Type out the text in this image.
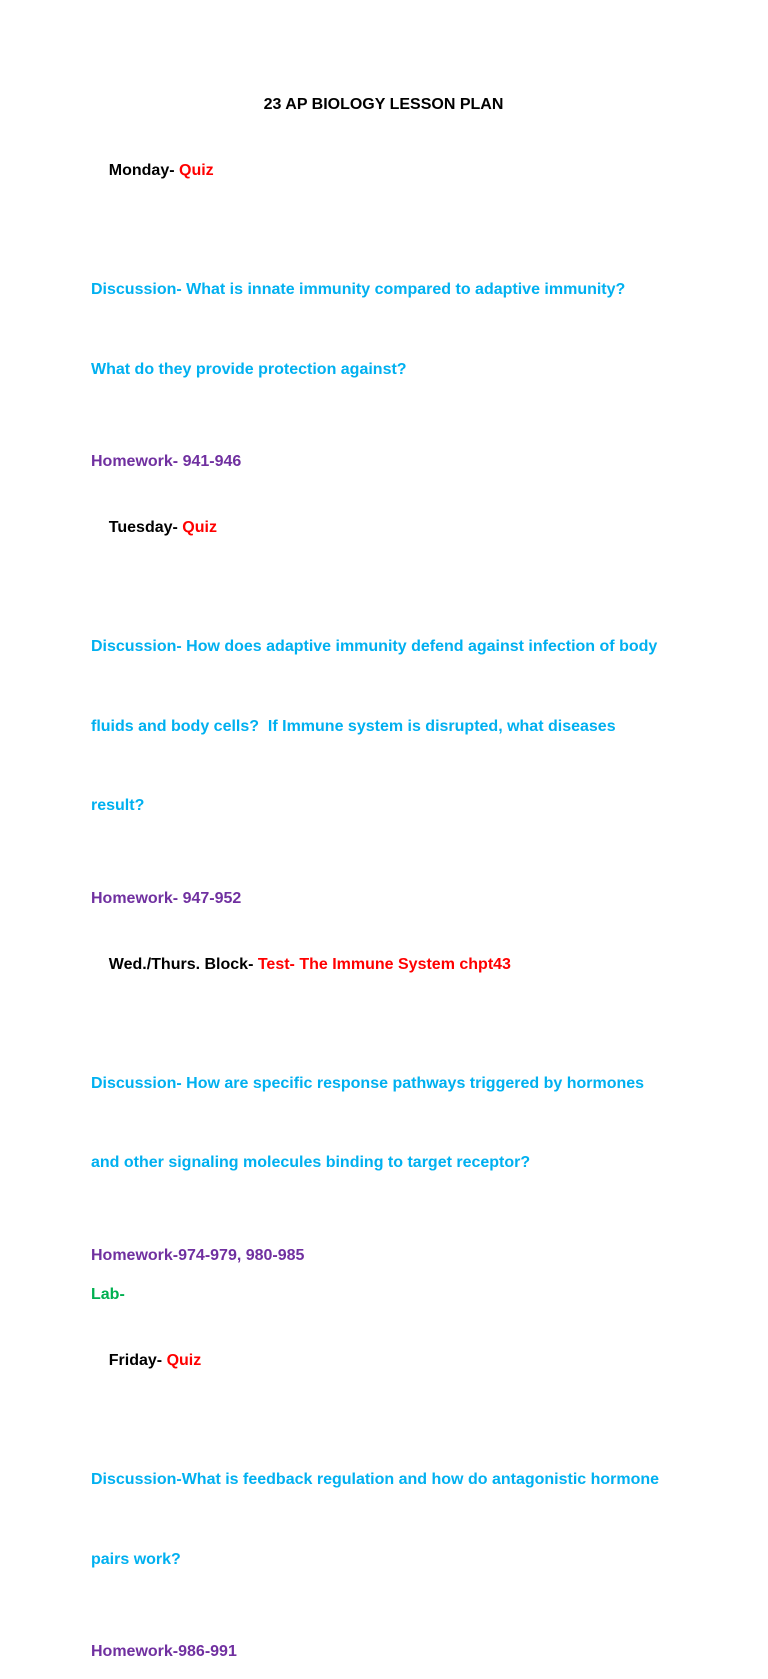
23 AP BIOLOGY LESSON PLAN

Monday- Quiz

Discussion- What is innate immunity compared to adaptive immunity?

What do they provide protection against?

Homework- 941-946

Tuesday- Quiz

Discussion- How does adaptive immunity defend against infection of body

fluids and body cells?  If Immune system is disrupted, what diseases

result?

Homework- 947-952

Wed./Thurs. Block- Test- The Immune System chpt43

Discussion- How are specific response pathways triggered by hormones

and other signaling molecules binding to target receptor?

Homework-974-979, 980-985
Lab-

Friday- Quiz

Discussion-What is feedback regulation and how do antagonistic hormone

pairs work?

Homework-986-991
